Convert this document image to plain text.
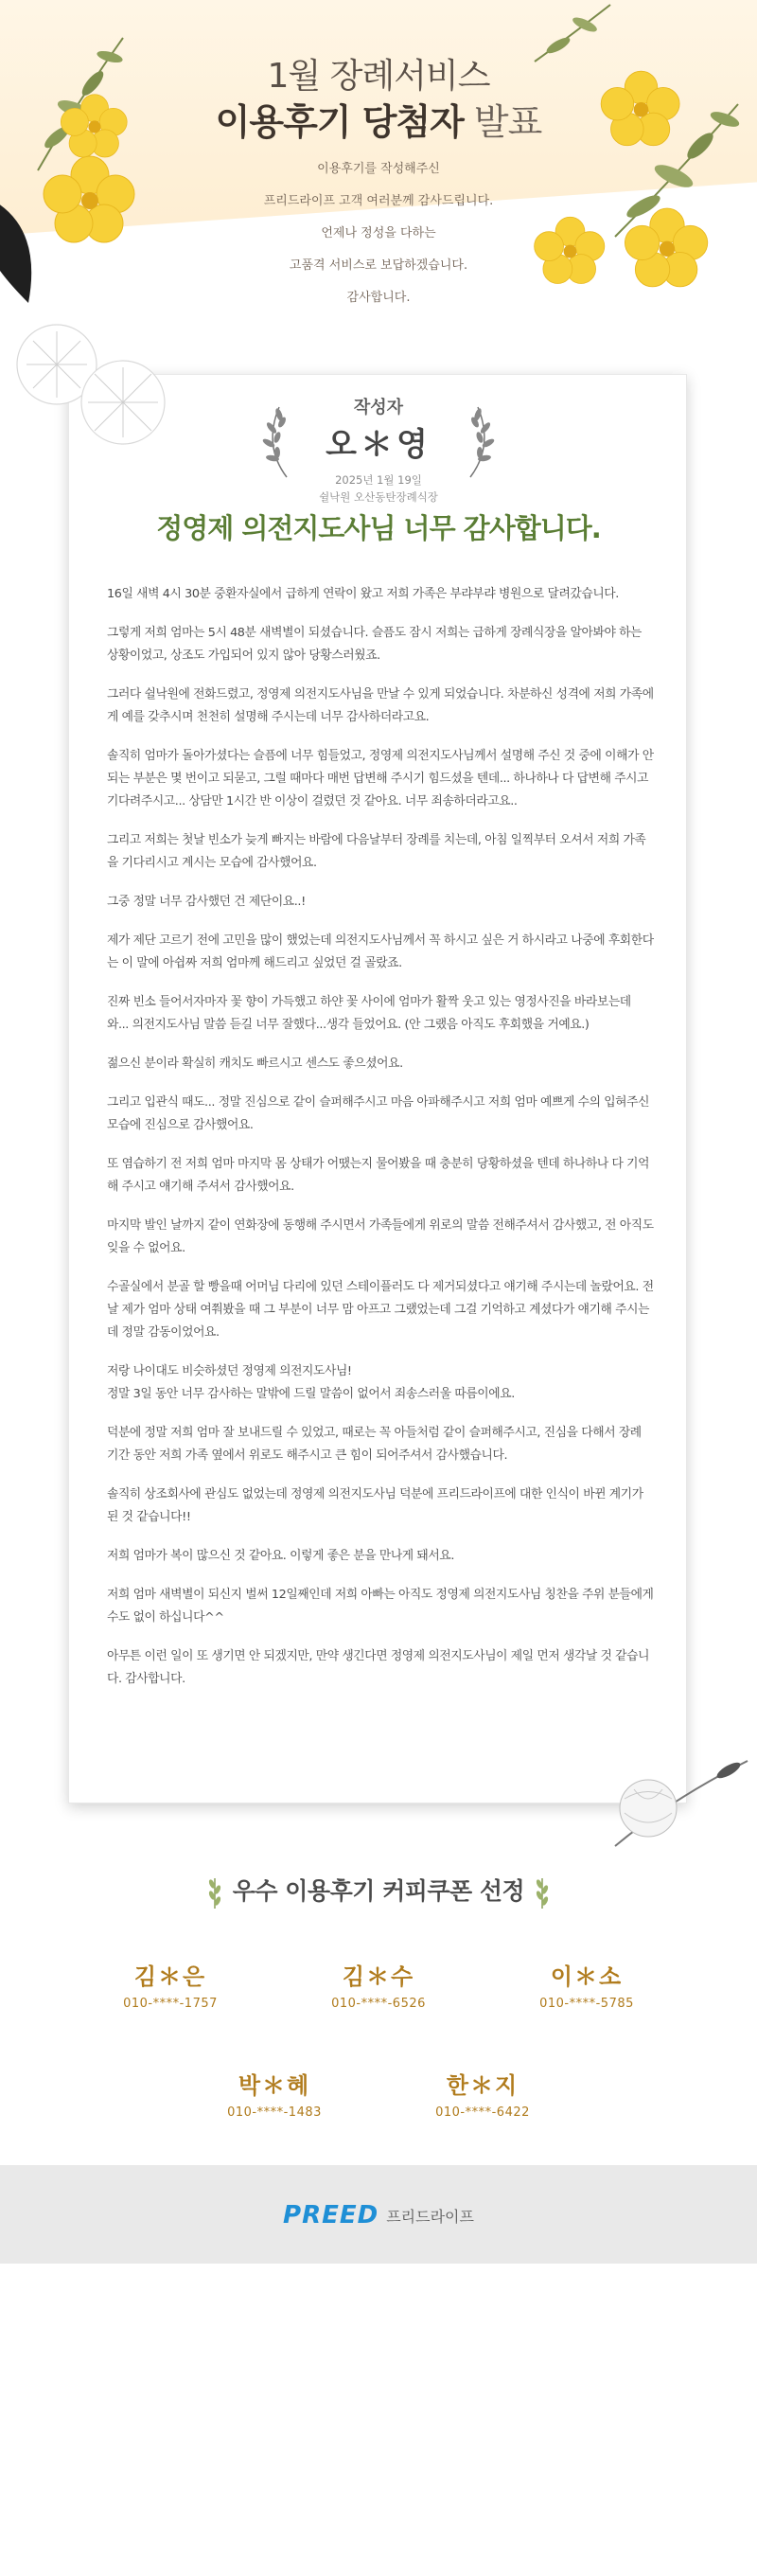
1월 장례서비스
이용후기 당첨자 발표
이용후기를 작성해주신
프리드라이프 고객 여러분께 감사드립니다.
언제나 정성을 다하는
고품격 서비스로 보답하겠습니다.
감사합니다.
작성자
오＊영
2025년 1월 19일
쉴낙원 오산동탄장례식장
정영제 의전지도사님 너무 감사합니다.

16일 새벽 4시 30분 중환자실에서 급하게 연락이 왔고 저희 가족은 부랴부랴 병원으로 달려갔습니다.

그렇게 저희 엄마는 5시 48분 새벽별이 되셨습니다. 슬픔도 잠시 저희는 급하게 장례식장을 알아봐야 하는 상황이었고, 상조도 가입되어 있지 않아 당황스러웠죠.

그러다 쉴낙원에 전화드렸고, 정영제 의전지도사님을 만날 수 있게 되었습니다. 차분하신 성격에 저희 가족에게 예를 갖추시며 천천히 설명해 주시는데 너무 감사하더라고요.

솔직히 엄마가 돌아가셨다는 슬픔에 너무 힘들었고, 정영제 의전지도사님께서 설명해 주신 것 중에 이해가 안 되는 부분은 몇 번이고 되묻고, 그럴 때마다 매번 답변해 주시기 힘드셨을 텐데... 하나하나 다 답변해 주시고 기다려주시고... 상담만 1시간 반 이상이 걸렸던 것 같아요. 너무 죄송하더라고요..

그리고 저희는 첫날 빈소가 늦게 빠지는 바람에 다음날부터 장례를 치는데, 아침 일찍부터 오셔서 저희 가족을 기다리시고 계시는 모습에 감사했어요.

그중 정말 너무 감사했던 건 제단이요..!

제가 제단 고르기 전에 고민을 많이 했었는데 의전지도사님께서 꼭 하시고 싶은 거 하시라고 나중에 후회한다는 이 말에 아쉽짜 저희 엄마께 해드리고 싶었던 걸 골랐죠.

진짜 빈소 들어서자마자 꽃 향이 가득했고 하얀 꽃 사이에 엄마가 활짝 웃고 있는 영정사진을 바라보는데 와... 의전지도사님 말씀 듣길 너무 잘했다...생각 들었어요. (안 그랬음 아직도 후회했을 거예요.)

젊으신 분이라 확실히 캐치도 빠르시고 센스도 좋으셨어요.

그리고 입관식 때도... 정말 진심으로 같이 슬퍼해주시고 마음 아파해주시고 저희 엄마 예쁘게 수의 입혀주신 모습에 진심으로 감사했어요.

또 염습하기 전 저희 엄마 마지막 몸 상태가 어땠는지 물어봤을 때 충분히 당황하셨을 텐데 하나하나 다 기억해 주시고 얘기해 주셔서 감사했어요.

마지막 발인 날까지 같이 연화장에 동행해 주시면서 가족들에게 위로의 말씀 전해주셔서 감사했고, 전 아직도 잊을 수 없어요.

수골실에서 분골 할 빵을때 어머님 다리에 있던 스테이플러도 다 제거되셨다고 얘기해 주시는데 놀랐어요. 전날 제가 엄마 상태 여쭤봤을 때 그 부분이 너무 맘 아프고 그랬었는데 그걸 기억하고 계셨다가 얘기해 주시는데 정말 감동이었어요.

저랑 나이대도 비슷하셨던 정영제 의전지도사님!
정말 3일 동안 너무 감사하는 말밖에 드릴 말씀이 없어서 죄송스러울 따름이에요.

덕분에 정말 저희 엄마 잘 보내드릴 수 있었고, 때로는 꼭 아들처럼 같이 슬퍼해주시고, 진심을 다해서 장례 기간 동안 저희 가족 옆에서 위로도 해주시고 큰 힘이 되어주셔서 감사했습니다.

솔직히 상조회사에 관심도 없었는데 정영제 의전지도사님 덕분에 프리드라이프에 대한 인식이 바뀐 계기가 된 것 같습니다!!

저희 엄마가 복이 많으신 것 같아요. 이렇게 좋은 분을 만나게 돼서요.

저희 엄마 새벽별이 되신지 벌써 12일째인데 저희 아빠는 아직도 정영제 의전지도사님 칭찬을 주위 분들에게 수도 없이 하십니다^^

아무튼 이런 일이 또 생기면 안 되겠지만, 만약 생긴다면 정영제 의전지도사님이 제일 먼저 생각날 것 같습니다. 감사합니다.

우수 이용후기 커피쿠폰 선정
김＊은
010-****-1757
김＊수
010-****-6526
이＊소
010-****-5785
박＊혜
010-****-1483
한＊지
010-****-6422
PREED 프리드라이프
